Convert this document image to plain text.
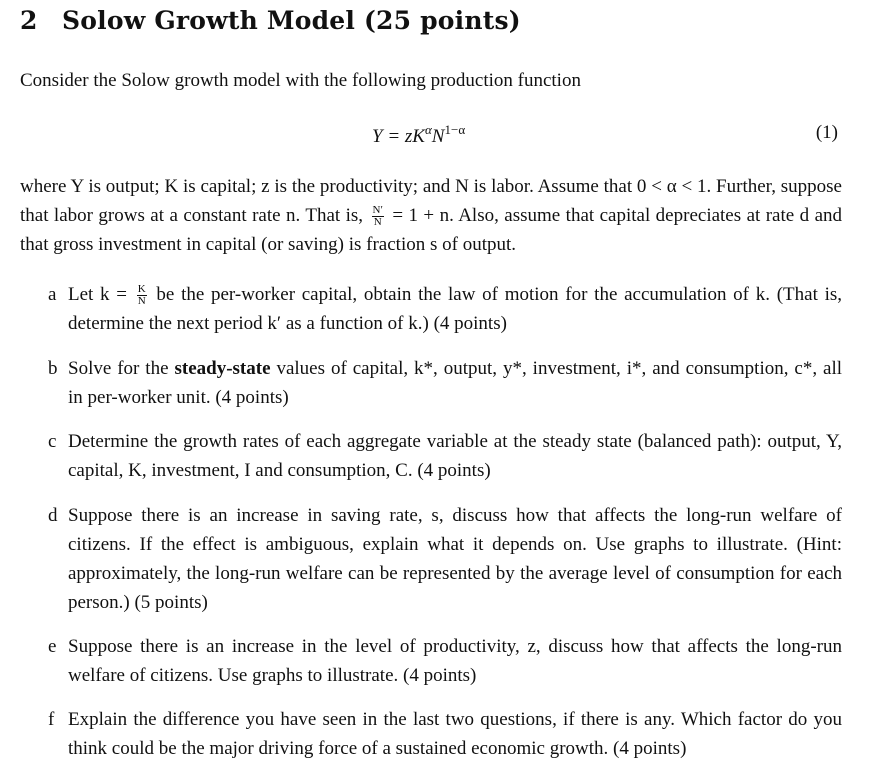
2 Solow Growth Model (25 points)
Consider the Solow growth model with the following production function
$Y = zK^\alpha N^{1-\alpha}$	(1)
where Y is output; K is capital; z is the productivity; and N is labor. Assume that 0 < α < 1. Further, suppose that labor grows at a constant rate n. That is, $\frac{N'}{N} = 1 + n$. Also, assume that capital depreciates at rate d and that gross investment in capital (or saving) is fraction s of output.
a Let $k = \frac{K}{N}$ be the per-worker capital, obtain the law of motion for the accumulation of k. (That is, determine the next period k′ as a function of k.) (4 points)
b Solve for the steady-state values of capital, k*, output, y*, investment, i*, and consumption, c*, all in per-worker unit. (4 points)
c Determine the growth rates of each aggregate variable at the steady state (balanced path): output, Y, capital, K, investment, I and consumption, C. (4 points)
d Suppose there is an increase in saving rate, s, discuss how that affects the long-run welfare of citizens. If the effect is ambiguous, explain what it depends on. Use graphs to illustrate. (Hint: approximately, the long-run welfare can be represented by the average level of consumption for each person.) (5 points)
e Suppose there is an increase in the level of productivity, z, discuss how that affects the long-run welfare of citizens. Use graphs to illustrate. (4 points)
f Explain the difference you have seen in the last two questions, if there is any. Which factor do you think could be the major driving force of a sustained economic growth. (4 points)
